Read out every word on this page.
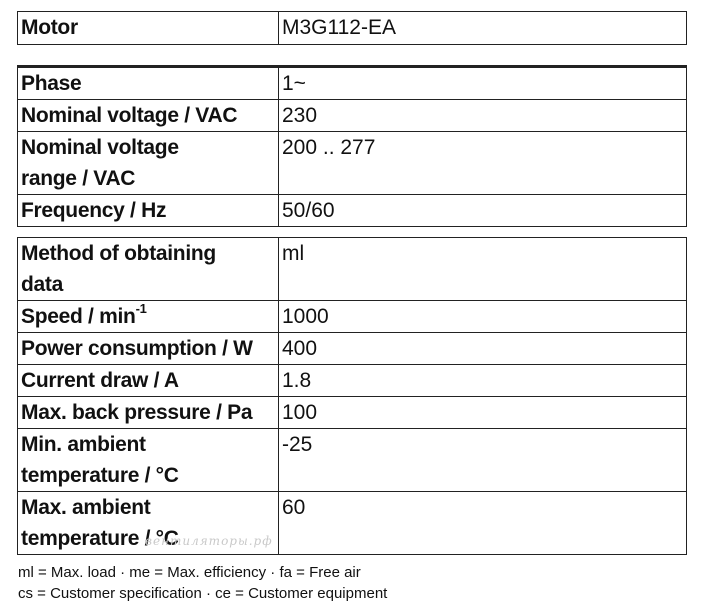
Motor	M3G112-EA
Phase	1~
Nominal voltage / VAC	230
Nominal voltage
range / VAC	200 .. 277
Frequency / Hz	50/60
Method of obtaining
data	ml
Speed / $\min^{-1}$	1000
Power consumption / W	400
Current draw / A	1.8
Max. back pressure / Pa	100
Min. ambient
temperature / °C	-25
Max. ambient
temperature / °C	60
вентиляторы.рф
ml = Max. load · me = Max. efficiency · fa = Free air
cs = Customer specification · ce = Customer equipment
